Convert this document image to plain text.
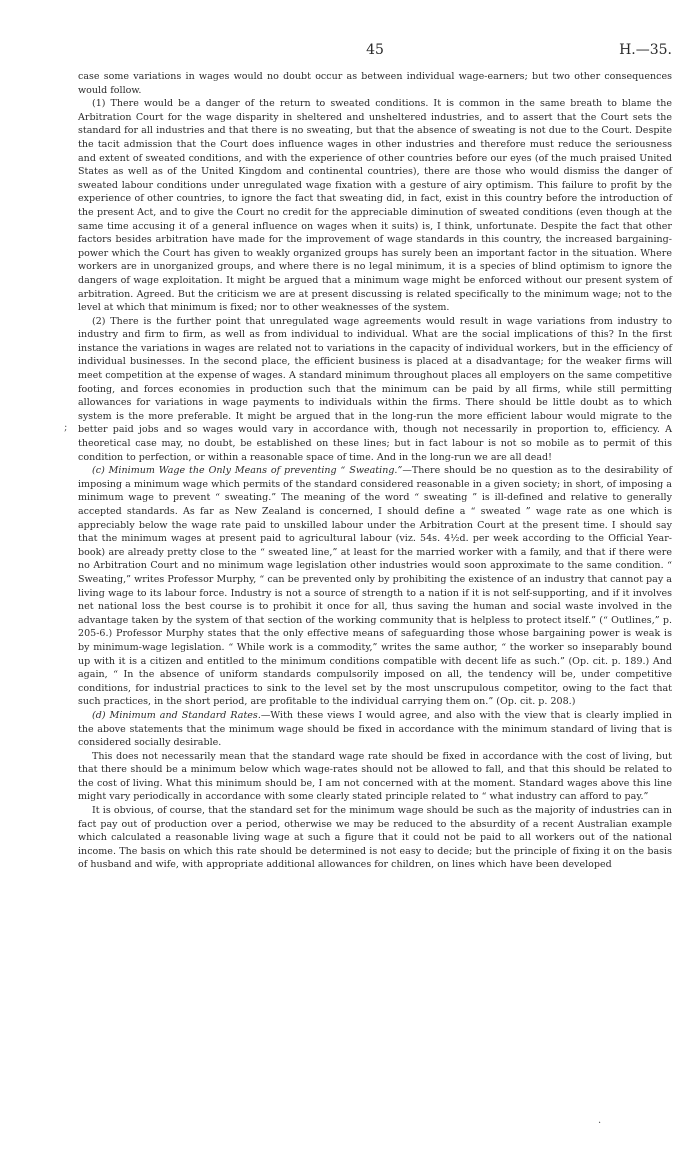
45	H.—35.

case some variations in wages would no doubt occur as between individual wage-earners; but two other consequences would follow.

(1) There would be a danger of the return to sweated conditions. It is common in the same breath to blame the Arbitration Court for the wage disparity in sheltered and unsheltered industries, and to assert that the Court sets the standard for all industries and that there is no sweating, but that the absence of sweating is not due to the Court. Despite the tacit admission that the Court does influence wages in other industries and therefore must reduce the seriousness and extent of sweated conditions, and with the experience of other countries before our eyes (of the much praised United States as well as of the United Kingdom and continental countries), there are those who would dismiss the danger of sweated labour conditions under unregulated wage fixation with a gesture of airy optimism. This failure to profit by the experience of other countries, to ignore the fact that sweating did, in fact, exist in this country before the introduction of the present Act, and to give the Court no credit for the appreciable diminution of sweated conditions (even though at the same time accusing it of a general influence on wages when it suits) is, I think, unfortunate. Despite the fact that other factors besides arbitration have made for the improvement of wage standards in this country, the increased bargaining-power which the Court has given to weakly organized groups has surely been an important factor in the situation. Where workers are in unorganized groups, and where there is no legal minimum, it is a species of blind optimism to ignore the dangers of wage exploitation. It might be argued that a minimum wage might be enforced without our present system of arbitration. Agreed. But the criticism we are at present discussing is related specifically to the minimum wage; not to the level at which that minimum is fixed; nor to other weaknesses of the system.

(2) There is the further point that unregulated wage agreements would result in wage variations from industry to industry and firm to firm, as well as from individual to individual. What are the social implications of this? In the first instance the variations in wages are related not to variations in the capacity of individual workers, but in the efficiency of individual businesses. In the second place, the efficient business is placed at a disadvantage; for the weaker firms will meet competition at the expense of wages. A standard minimum throughout places all employers on the same competitive footing, and forces economies in production such that the minimum can be paid by all firms, while still permitting allowances for variations in wage payments to individuals within the firms. There should be little doubt as to which system is the more preferable. It might be argued that in the long-run the more efficient labour would migrate to the better paid jobs and so wages would vary in accordance with, though not necessarily in proportion to, efficiency. A theoretical case may, no doubt, be established on these lines; but in fact labour is not so mobile as to permit of this condition to perfection, or within a reasonable space of time. And in the long-run we are all dead!

(c) Minimum Wage the Only Means of preventing “ Sweating.”—There should be no question as to the desirability of imposing a minimum wage which permits of the standard considered reasonable in a given society; in short, of imposing a minimum wage to prevent “ sweating.” The meaning of the word “ sweating ” is ill-defined and relative to generally accepted standards. As far as New Zealand is concerned, I should define a “ sweated ” wage rate as one which is appreciably below the wage rate paid to unskilled labour under the Arbitration Court at the present time. I should say that the minimum wages at present paid to agricultural labour (viz. 54s. 4½d. per week according to the Official Year-book) are already pretty close to the “ sweated line,” at least for the married worker with a family, and that if there were no Arbitration Court and no minimum wage legislation other industries would soon approximate to the same condition. “ Sweating,” writes Professor Murphy, “ can be prevented only by prohibiting the existence of an industry that cannot pay a living wage to its labour force. Industry is not a source of strength to a nation if it is not self-supporting, and if it involves net national loss the best course is to prohibit it once for all, thus saving the human and social waste involved in the advantage taken by the system of that section of the working community that is helpless to protect itself.” (“ Outlines,” p. 205-6.) Professor Murphy states that the only effective means of safeguarding those whose bargaining power is weak is by minimum-wage legislation. “ While work is a commodity,” writes the same author, “ the worker so inseparably bound up with it is a citizen and entitled to the minimum conditions compatible with decent life as such.” (Op. cit. p. 189.) And again, “ In the absence of uniform standards compulsorily imposed on all, the tendency will be, under competitive conditions, for industrial practices to sink to the level set by the most unscrupulous competitor, owing to the fact that such practices, in the short period, are profitable to the individual carrying them on.” (Op. cit. p. 208.)

(d) Minimum and Standard Rates.—With these views I would agree, and also with the view that is clearly implied in the above statements that the minimum wage should be fixed in accordance with the minimum standard of living that is considered socially desirable.

This does not necessarily mean that the standard wage rate should be fixed in accordance with the cost of living, but that there should be a minimum below which wage-rates should not be allowed to fall, and that this should be related to the cost of living. What this minimum should be, I am not concerned with at the moment. Standard wages above this line might vary periodically in accordance with some clearly stated principle related to “ what industry can afford to pay.”

It is obvious, of course, that the standard set for the minimum wage should be such as the majority of industries can in fact pay out of production over a period, otherwise we may be reduced to the absurdity of a recent Australian example which calculated a reasonable living wage at such a figure that it could not be paid to all workers out of the national income. The basis on which this rate should be determined is not easy to decide; but the principle of fixing it on the basis of husband and wife, with appropriate additional allowances for children, on lines which have been developed

;
·
